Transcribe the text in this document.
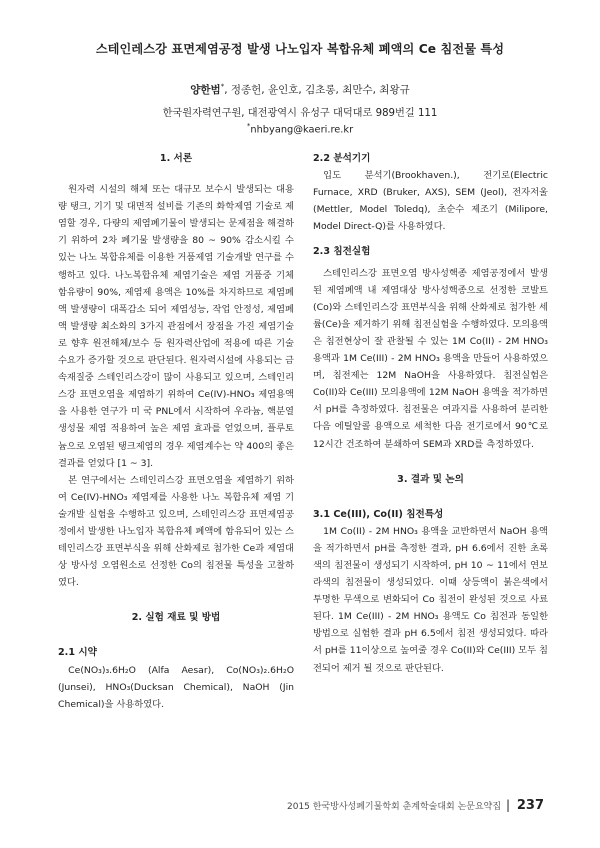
스테인레스강 표면제염공정 발생 나노입자 복합유체 폐액의 Ce 침전물 특성
양한범*, 정종헌, 윤인호, 김초롱, 최만수, 최왕규
한국원자력연구원, 대전광역시 유성구 대덕대로 989번길 111
*nhbyang@kaeri.re.kr
1. 서론

원자력 시설의 해체 또는 대규모 보수시 발생되는 대용량 탱크, 기기 및 대면적 설비를 기존의 화학제염 기술로 제염할 경우, 다량의 제염폐기물이 발생되는 문제점을 해결하기 위하여 2차 폐기물 발생량을 80 ~ 90% 감소시킬 수 있는 나노 복합유체를 이용한 거품제염 기술개발 연구를 수행하고 있다. 나노복합유체 제염기술은 제염 거품중 기체 함유량이 90%, 제염제 용액은 10%를 차지하므로 제염폐액 발생량이 대폭감소 되어 제염성능, 작업 안정성, 제염폐액 발생량 최소화의 3가지 관점에서 장점을 가진 제염기술로 향후 원전해체/보수 등 원자력산업에 적용에 따른 기술수요가 증가할 것으로 판단된다. 원자력시설에 사용되는 금속재질중 스테인리스강이 많이 사용되고 있으며, 스테인리스강 표면오염을 제염하기 위하여 Ce(IV)-HNO₃ 제염용액을 사용한 연구가 미 국 PNL에서 시작하여 우라늄, 핵분열생성물 제염 적용하여 높은 제염 효과를 얻었으며, 플루토늄으로 오염된 탱크제염의 경우 제염계수는 약 400의 좋은 결과를 얻었다 [1 ~ 3].

본 연구에서는 스테인리스강 표면오염을 제염하기 위하여 Ce(IV)-HNO₃ 제염제를 사용한 나노 복합유체 제염 기술개발 실험을 수행하고 있으며, 스테인리스강 표면제염공정에서 발생한 나노입자 복합유체 폐액에 함유되어 있는 스테인리스강 표면부식을 위해 산화제로 첨가한 Ce과 제염대상 방사성 오염원소로 선정한 Co의 침전물 특성을 고찰하였다.

2. 실험 재료 및 방법
2.1 시약

Ce(NO₃)₃.6H₂O (Alfa Aesar), Co(NO₃)₂.6H₂O (Junsei), HNO₃(Ducksan Chemical), NaOH (Jin Chemical)을 사용하였다.

2.2 분석기기

입도 분석기(Brookhaven.), 전기로(Electric Furnace, XRD (Bruker, AXS), SEM (Jeol), 전자저울 (Mettler, Model Toledq), 초순수 제조기 (Milipore, Model Direct-Q)를 사용하였다.

2.3 침전실험

스테인리스강 표면오염 방사성핵종 제염공정에서 발생된 제염폐액 내 제염대상 방사성핵종으로 선정한 코발트(Co)와 스테인리스강 표면부식을 위해 산화제로 첨가한 세륨(Ce)을 제거하기 위해 침전실험을 수행하였다. 모의용액은 침전현상이 잘 관찰될 수 있는 1M Co(II) - 2M HNO₃ 용액과 1M Ce(III) - 2M HNO₃ 용액을 만들어 사용하였으며, 침전제는 12M NaOH을 사용하였다. 침전실험은 Co(II)와 Ce(III) 모의용액에 12M NaOH 용액을 적가하면서 pH를 측정하였다. 침전물은 여과지를 사용하여 분리한 다음 에틸알콜 용액으로 세척한 다음 전기로에서 90℃로 12시간 건조하여 분쇄하여 SEM과 XRD를 측정하였다.

3. 결과 및 논의
3.1 Ce(III), Co(II) 침전특성

1M Co(II) - 2M HNO₃ 용액을 교반하면서 NaOH 용액을 적가하면서 pH를 측정한 결과, pH 6.6에서 진한 초록색의 침전물이 생성되기 시작하여, pH 10 ~ 11에서 연보라색의 침전물이 생성되었다. 이때 상등액이 붉은색에서 투명한 무색으로 변화되어 Co 침전이 완성된 것으로 사료된다. 1M Ce(III) - 2M HNO₃ 용액도 Co 침전과 동일한 방법으로 실험한 결과 pH 6.5에서 침전 생성되었다. 따라서 pH를 11이상으로 높여줄 경우 Co(II)와 Ce(III) 모두 침전되어 제거 될 것으로 판단된다.

2015 한국방사성폐기물학회 춘계학술대회 논문요약집 | 237
